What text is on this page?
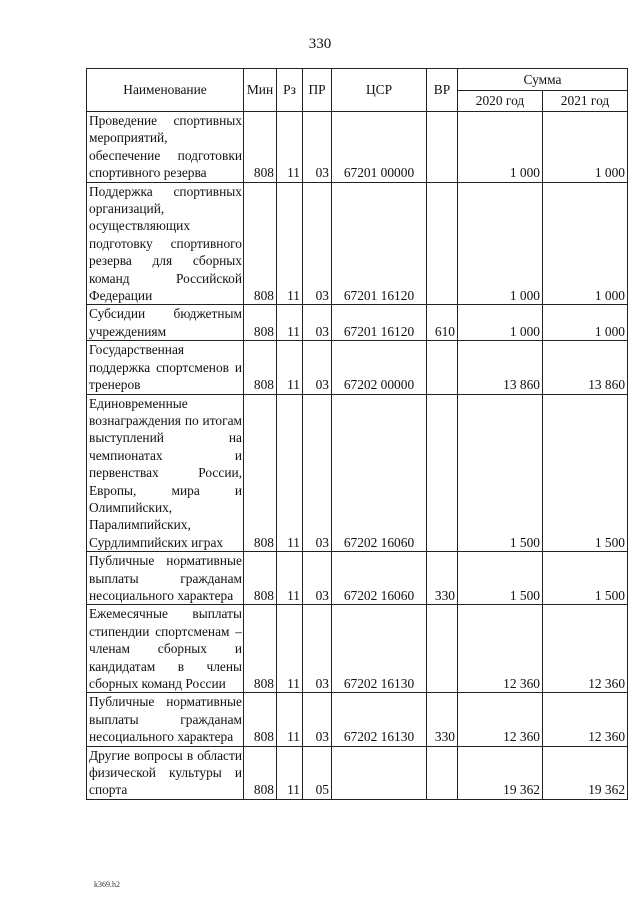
330
Наименование	Мин	Рз	ПР	ЦСР	ВР	Сумма	
						2020 год	2021 год
Проведение спортивных мероприятий, обеспечение подготовки спортивного резерва	808	11	03	67201 00000		1 000	1 000
Поддержка спортивных организаций, осуществляющих подготовку спортивного резерва для сборных команд Российской Федерации	808	11	03	67201 16120		1 000	1 000
Субсидии бюджетным учреждениям	808	11	03	67201 16120	610	1 000	1 000
Государственная поддержка спортсменов и тренеров	808	11	03	67202 00000		13 860	13 860
Единовременные вознаграждения по итогам выступлений на чемпионатах и первенствах России, Европы, мира и Олимпийских, Паралимпийских, Сурдлимпийских играх	808	11	03	67202 16060		1 500	1 500
Публичные нормативные выплаты гражданам несоциального характера	808	11	03	67202 16060	330	1 500	1 500
Ежемесячные выплаты стипендии спортсменам – членам сборных и кандидатам в члены сборных команд России	808	11	03	67202 16130		12 360	12 360
Публичные нормативные выплаты гражданам несоциального характера	808	11	03	67202 16130	330	12 360	12 360
Другие вопросы в области физической культуры и спорта	808	11	05			19 362	19 362
k369.h2
